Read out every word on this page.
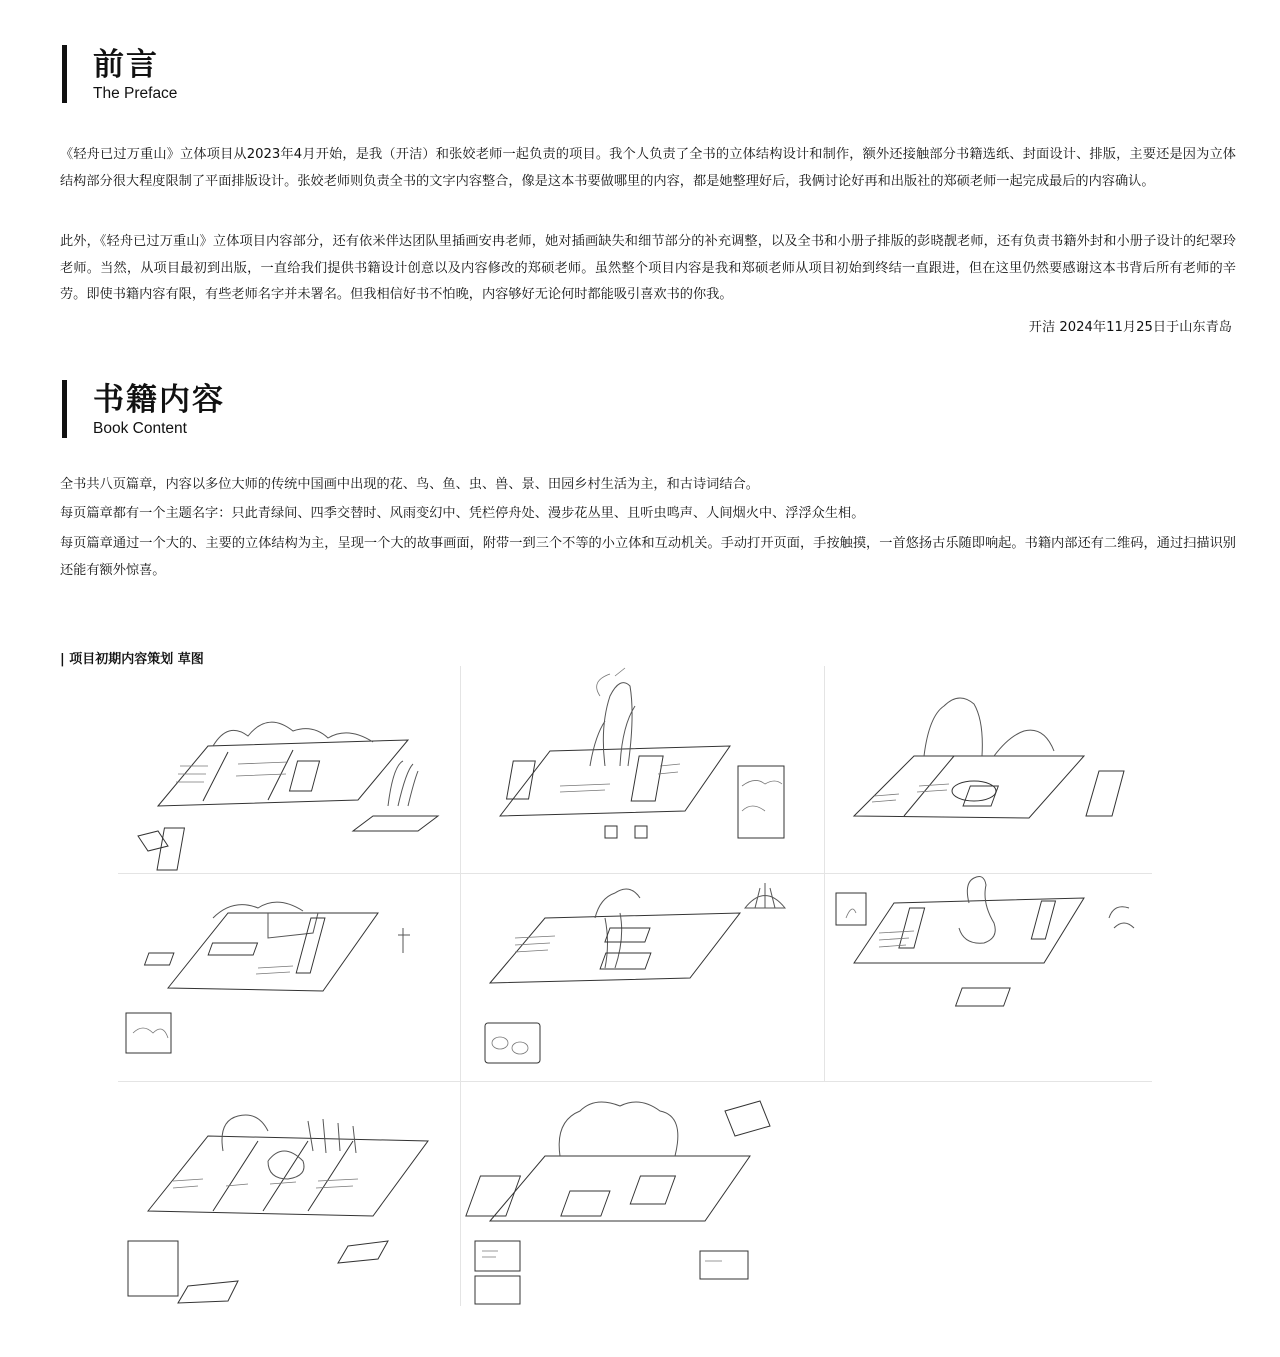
前言
The Preface
《轻舟已过万重山》立体项目从2023年4月开始，是我（开洁）和张姣老师一起负责的项目。我个人负责了全书的立体结构设计和制作，额外还接触部分书籍选纸、封面设计、排版，主要还是因为立体结构部分很大程度限制了平面排版设计。张姣老师则负责全书的文字内容整合，像是这本书要做哪里的内容，都是她整理好后，我俩讨论好再和出版社的郑硕老师一起完成最后的内容确认。
此外，《轻舟已过万重山》立体项目内容部分，还有依米伴达团队里插画安冉老师，她对插画缺失和细节部分的补充调整，以及全书和小册子排版的彭晓靓老师，还有负责书籍外封和小册子设计的纪翠玲老师。当然，从项目最初到出版，一直给我们提供书籍设计创意以及内容修改的郑硕老师。虽然整个项目内容是我和郑硕老师从项目初始到终结一直跟进，但在这里仍然要感谢这本书背后所有老师的辛劳。即使书籍内容有限，有些老师名字并未署名。但我相信好书不怕晚，内容够好无论何时都能吸引喜欢书的你我。
开洁 2024年11月25日于山东青岛
书籍内容
Book Content
全书共八页篇章，内容以多位大师的传统中国画中出现的花、鸟、鱼、虫、兽、景、田园乡村生活为主，和古诗词结合。
每页篇章都有一个主题名字：只此青绿间、四季交替时、风雨变幻中、凭栏停舟处、漫步花丛里、且听虫鸣声、人间烟火中、浮浮众生相。
每页篇章通过一个大的、主要的立体结构为主，呈现一个大的故事画面，附带一到三个不等的小立体和互动机关。手动打开页面，手按触摸，一首悠扬古乐随即响起。书籍内部还有二维码，通过扫描识别还能有额外惊喜。
| 项目初期内容策划 草图
